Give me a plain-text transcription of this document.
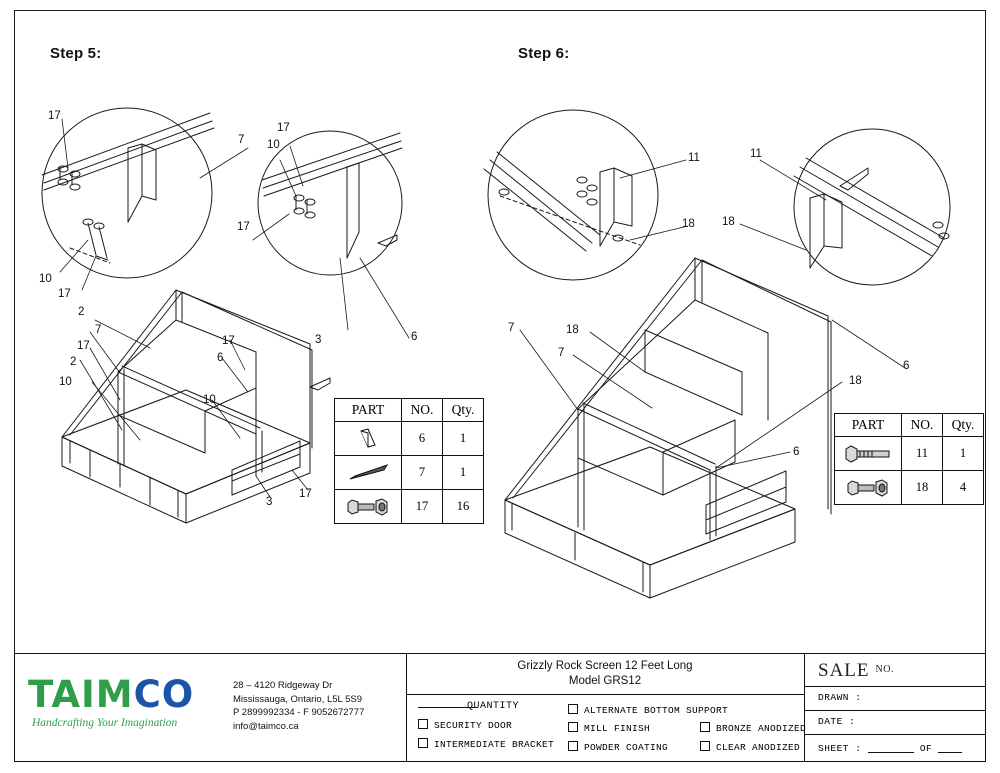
Step 5:	Step 6:
17
17
10
7
10
17
2
17
7
17
2
10
6
10
3	6
3
17
17
11	11
18 18
7	18
7
18
6
6
PART	NO.	Qty.

	6	1

	7	1

	17	16
PART	NO.	Qty.

	11	1

	18	4
TAIMCO
Handcrafting Your Imagination
28 – 4120 Ridgeway Dr
Mississauga, Ontario, L5L 5S9
P 2899992334 - F 9052672777
info@taimco.ca
Grizzly Rock Screen 12 Feet Long
Model GRS12
QUANTITY
SECURITY DOOR
INTERMEDIATE BRACKET
ALTERNATE BOTTOM SUPPORT
MILL FINISH
POWDER COATING
BRONZE ANODIZED
CLEAR ANODIZED
SALE $^{NO.}$
DRAWN :
DATE :
SHEET :	OF
